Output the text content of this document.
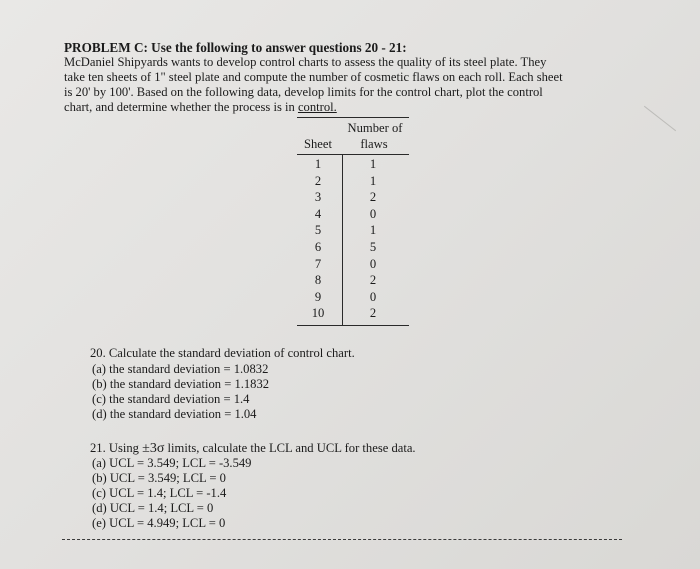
PROBLEM C: Use the following to answer questions 20 - 21:
McDaniel Shipyards wants to develop control charts to assess the quality of its steel plate. They
take ten sheets of 1" steel plate and compute the number of cosmetic flaws on each roll. Each sheet
is 20' by 100'. Based on the following data, develop limits for the control chart, plot the control
chart, and determine whether the process is in control.
Number of
Sheet	flaws
1	1
2	1
3	2
4	0
5	1
6	5
7	0
8	2
9	0
10	2
20. Calculate the standard deviation of control chart.
(a) the standard deviation = 1.0832
(b) the standard deviation = 1.1832
(c) the standard deviation = 1.4
(d) the standard deviation = 1.04
21. Using ±3σ limits, calculate the LCL and UCL for these data.
(a) UCL = 3.549; LCL = -3.549
(b) UCL = 3.549; LCL = 0
(c) UCL = 1.4; LCL = -1.4
(d) UCL = 1.4; LCL = 0
(e) UCL = 4.949; LCL = 0
